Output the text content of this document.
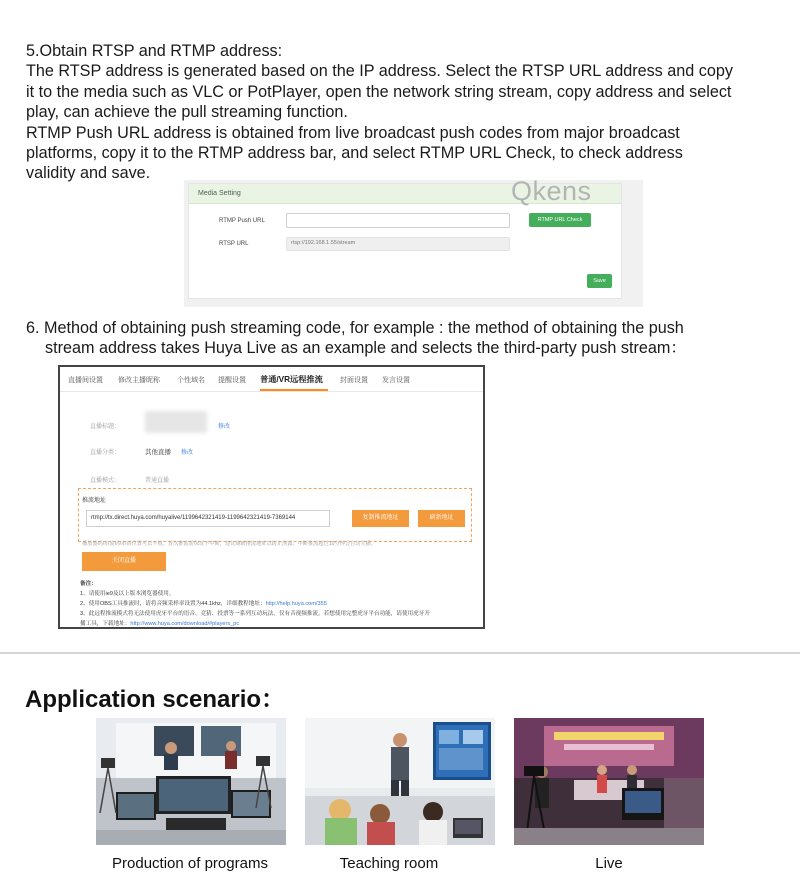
5.Obtain RTSP and RTMP address:
The RTSP address is generated based on the IP address. Select the RTSP URL address and copy
it to the media such as VLC or PotPlayer, open the network string stream, copy address and select
play, can achieve the pull streaming function.
RTMP Push URL address is obtained from live broadcast push codes from major broadcast
platforms, copy it to the RTMP address bar, and select RTMP URL Check, to check address
validity and save.
Media Setting	Qkens
RTMP Push URL	RTMP URL Check
RTSP URL	rtsp://192.168.1.55/stream
Save
6. Method of obtaining push streaming code, for example : the method of obtaining the push
stream address takes Huya Live as an example and selects the third-party push stream：
直播间设置 修改主播昵称 个性域名 提醒设置 普通/VR远程推流 封面设置 发言设置
直播标题：	修改
直播分类：	其他直播 修改
直播模式：	普通直播
推流地址
rtmp://tx.direct.huya.com/huyalive/1199642321419-1199642321419-7369144	复制推流地址	刷新地址
播放器码/串流码/串码位置可以不填。首次推流需保证不中断，建议刷新推流地址以防止泄露。中断推流超过10分钟会自动关播。
关闭直播
备注：
1、请使用ie9及以上版本浏览器使用。
2、使用OBS工具推流时，请将音频采样率设置为44.1khz，详细教程地址：http://help.huya.com/355
3、此远程推流模式将无法使用虎牙平台的语音、竞猜、投票等一系列互动玩法，仅有音视频推流。若想使用完整虎牙平台功能，请使用虎牙开
播工具，下载地址：http://www.huya.com/download/#players_pc
Application scenario：
Production of programs	Teaching room	Live
